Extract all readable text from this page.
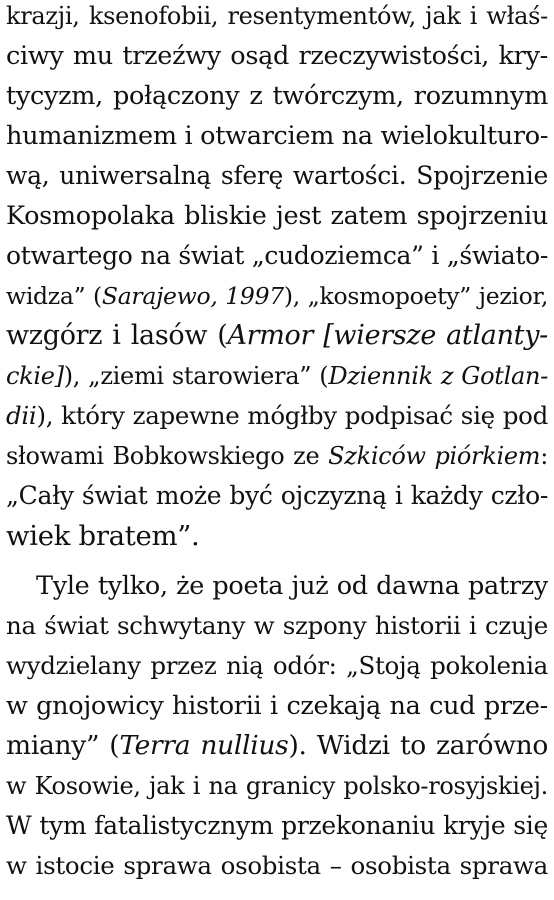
krazji, ksenofobii, resentymentów, jak i właś-
ciwy mu trzeźwy osąd rzeczywistości, kry-
tycyzm, połączony z twórczym, rozumnym
humanizmem i otwarciem na wielokulturo-
wą, uniwersalną sferę wartości. Spojrzenie
Kosmopolaka bliskie jest zatem spojrzeniu
otwartego na świat „cudoziemca” i „świato-
widza” (Sarajewo, 1997), „kosmopoety” jezior,
wzgórz i lasów (Armor [wiersze atlanty-
ckie]), „ziemi starowiera” (Dziennik z Gotlan-
dii), który zapewne mógłby podpisać się pod
słowami Bobkowskiego ze Szkiców piórkiem:
„Cały świat może być ojczyzną i każdy czło-
wiek bratem”.
Tyle tylko, że poeta już od dawna patrzy
na świat schwytany w szpony historii i czuje
wydzielany przez nią odór: „Stoją pokolenia
w gnojowicy historii i czekają na cud prze-
miany” (Terra nullius). Widzi to zarówno
w Kosowie, jak i na granicy polsko-rosyjskiej.
W tym fatalistycznym przekonaniu kryje się
w istocie sprawa osobista – osobista sprawa
